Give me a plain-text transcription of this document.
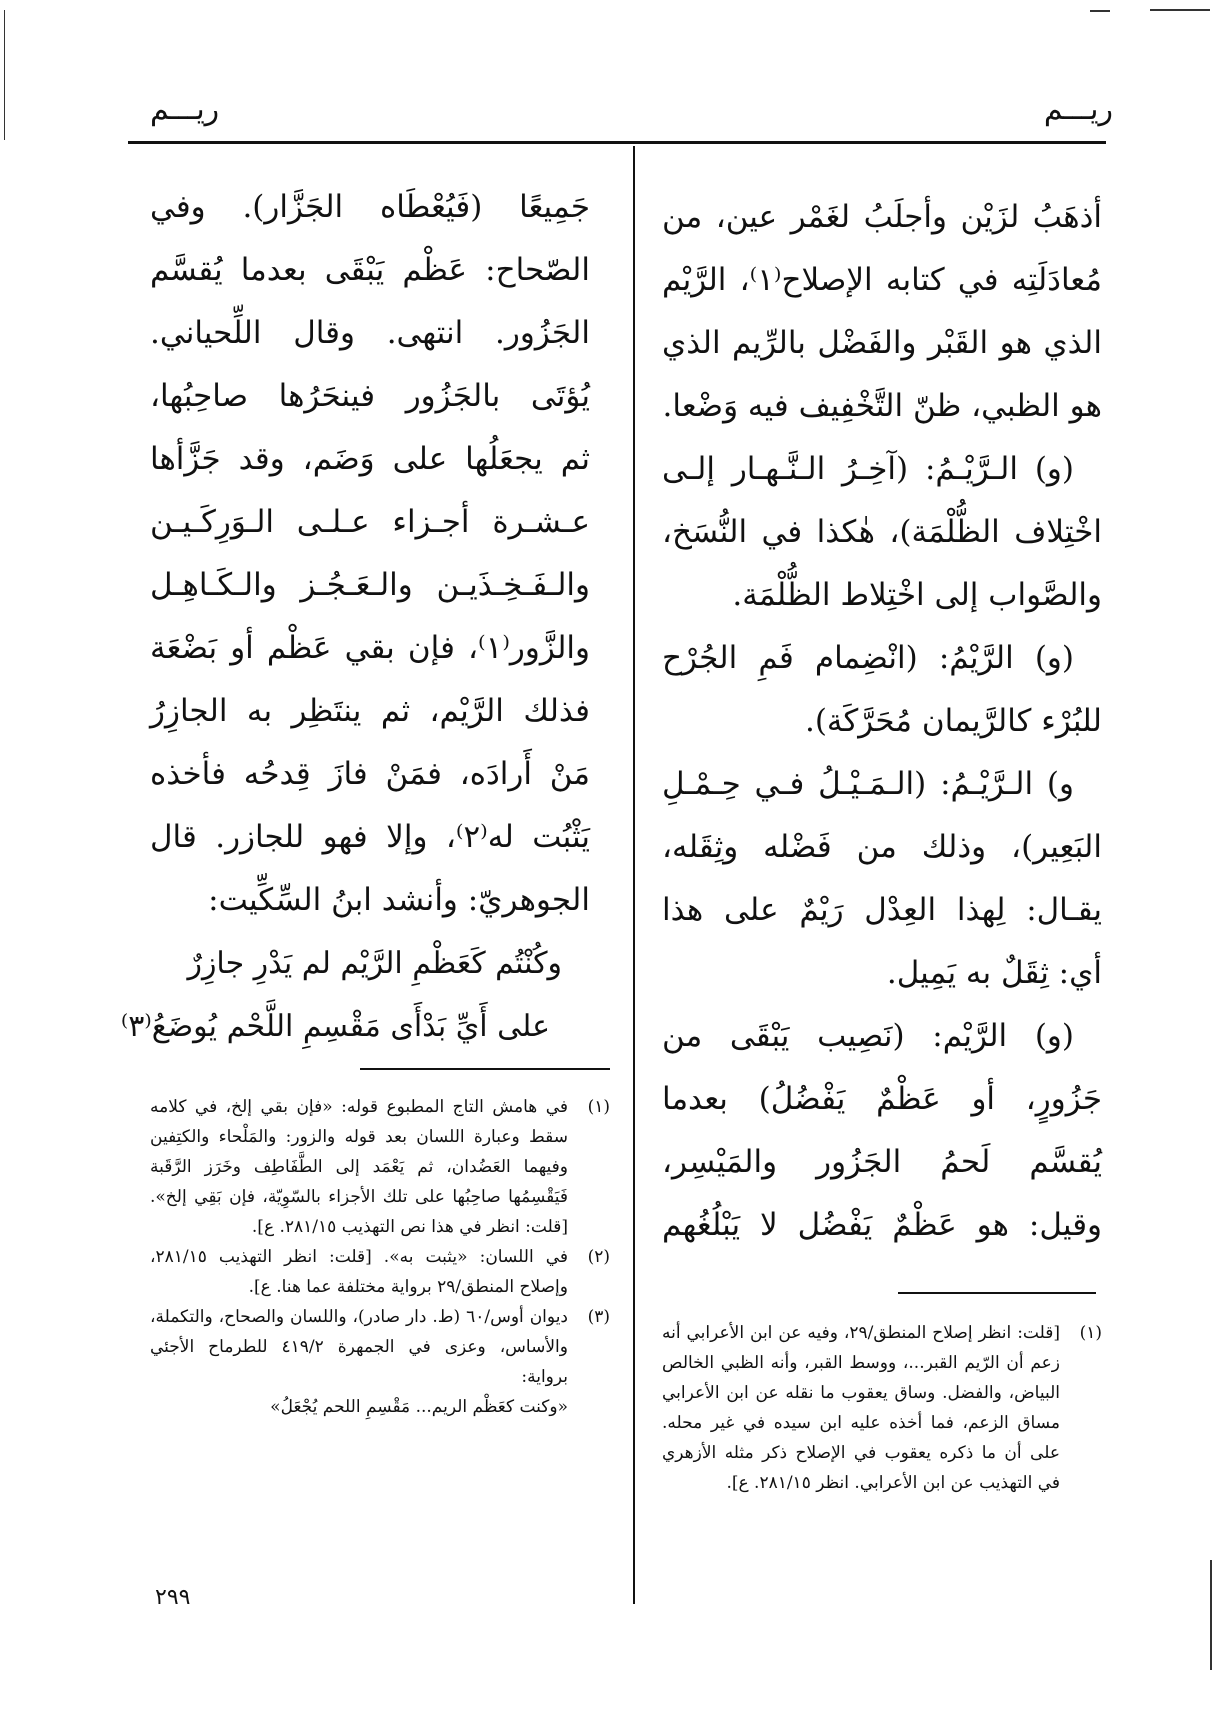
ريـــم	ريـــم
أذهَبُ لزَيْن وأجلَبُ لغَمْر عين، من
مُعادَلَتِه في كتابه الإصلاح⁽١⁾، الرَّيْم
الذي هو القَبْر والفَضْل بالرِّيم الذي
هو الظبي، ظنّ التَّخْفِيف فيه وَضْعا.
(و) الـرَّيْـمُ: (آخِـرُ الـنَّـهـار إلـى
اخْتِلاف الظُّلْمَة)، هٰكذا في النُّسَخ،
والصَّواب إلى اخْتِلاط الظُّلْمَة.
(و) الرَّيْمُ: (انْضِمام فَمِ الجُرْح
للبُرْء كالرَّيمان مُحَرَّكَة).
و) الـرَّيْـمُ: (الـمَـيْـلُ فـي حِـمْـلِ
البَعِير)، وذلك من فَضْله وثِقَله،
يقـال: لِهذا العِدْل رَيْمٌ على هذا
أي: ثِقَلٌ به يَمِيل.
(و) الرَّيْم: (نَصِيب يَبْقَى من
جَزُورٍ، أو عَظْمٌ يَفْضُلُ) بعدما
يُقسَّم لَحمُ الجَزُور والمَيْسِر،
وقيل: هو عَظْمٌ يَفْضُل لا يَبْلُغُهم

(١)
[قلت: انظر إصلاح المنطق/٢٩، وفيه عن ابن الأعرابي أنه زعم أن الرّيم القبر...، ووسط القبر، وأنه الظبي الخالص البياض، والفضل. وساق يعقوب ما نقله عن ابن الأعرابي مساق الزعم، فما أخذه عليه ابن سيده في غير محله. على أن ما ذكره يعقوب في الإصلاح ذكر مثله الأزهري في التهذيب عن ابن الأعرابي. انظر ٢٨١/١٥. ع].

جَمِيعًا (فَيُعْطَاه الجَزَّار). وفي
الصّحاح: عَظْم يَبْقَى بعدما يُقسَّم
الجَزُور. انتهى. وقال اللِّحياني.
يُؤتَى بالجَزُور فينحَرُها صاحِبُها،
ثم يجعَلُها على وَضَم، وقد جَزَّأها
عـشـرة أجـزاء عـلـى الـوَرِكَـيـن
والـفَـخِـذَيـن والـعَـجُـز والـكَـاهِـل
والزَّور⁽١⁾، فإن بقي عَظْم أو بَضْعَة
فذلك الرَّيْم، ثم ينتَظِر به الجازِرُ
مَنْ أَرادَه، فمَنْ فازَ قِدحُه فأخذه
يَثْبُت له⁽٢⁾، وإلا فهو للجازر. قال
الجوهريّ: وأنشد ابنُ السِّكِّيت:
وكُنْتُم كَعَظْمِ الرَّيْم لم يَدْرِ جازِرٌ
على أَيِّ بَدْأَى مَقْسِمِ اللَّحْم يُوضَعُ⁽٣⁾

(١)
في هامش التاج المطبوع قوله: «فإن بقي إلخ، في كلامه سقط وعبارة اللسان بعد قوله والزور: والمَلْحاء والكتِفين وفيهما العَضُدان، ثم يَعْمَد إلى الطَّفَاطِف وخَرَز الرَّقَبة فَيَقْسِمُها صاحِبُها على تلك الأجزاء بالسّوِيّة، فإن بَقِي إلخ». [قلت: انظر في هذا نص التهذيب ٢٨١/١٥. ع].

(٢)
في اللسان: «يثبت به». [قلت: انظر التهذيب ٢٨١/١٥، وإصلاح المنطق/٢٩ برواية مختلفة عما هنا. ع].

(٣)
ديوان أوس/٦٠ (ط. دار صادر)، واللسان والصحاح، والتكملة، والأساس، وعزى في الجمهرة ٤١٩/٢ للطرماح الأجئي برواية:

«وكنت كعَظْم الريم... مَقْسِمِ اللحم يُجْعَلُ»

٢٩٩
